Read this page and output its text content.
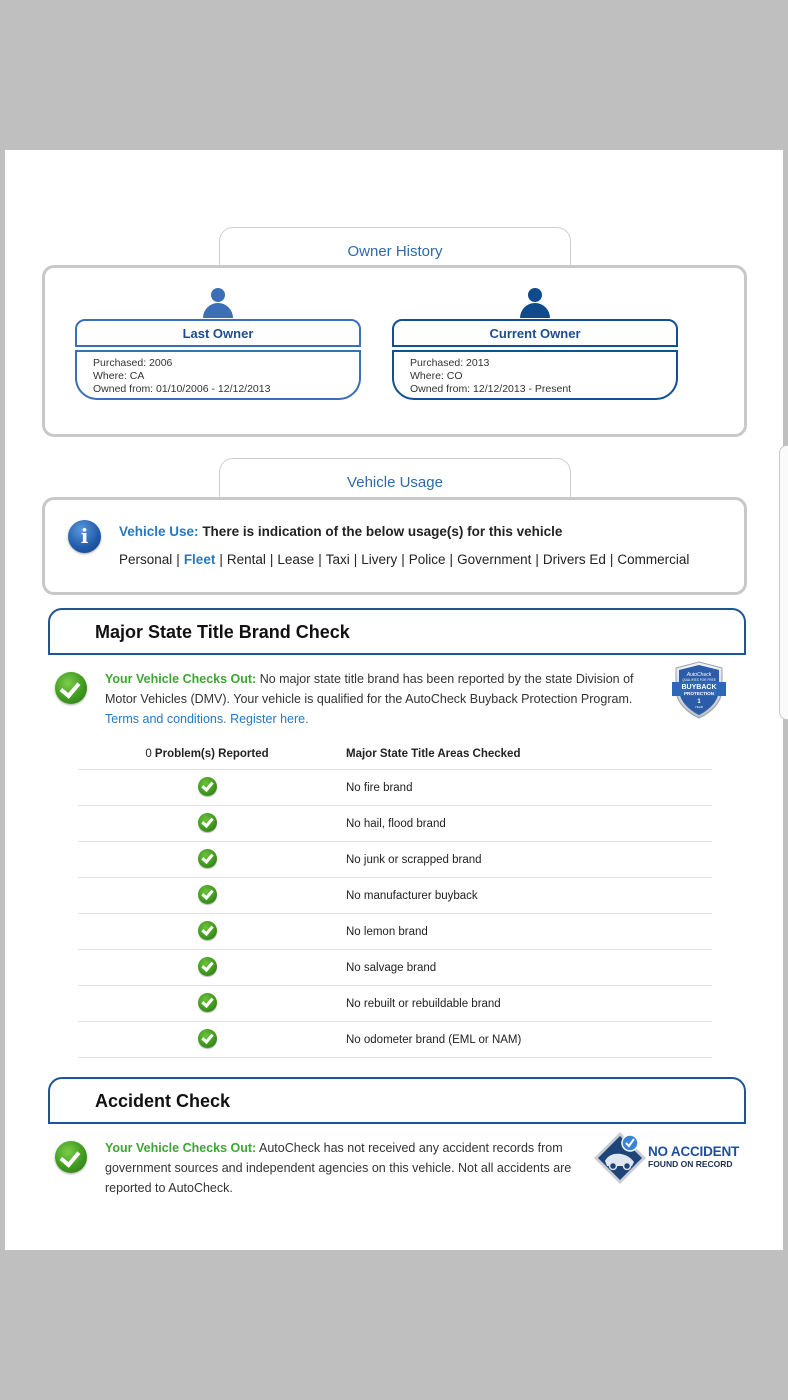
Owner History
Last Owner
Purchased: 2006
Where: CA
Owned from: 01/10/2006 - 12/12/2013
Current Owner
Purchased: 2013
Where: CO
Owned from: 12/12/2013 - Present
Vehicle Usage
i	Vehicle Use: There is indication of the below usage(s) for this vehicle
Personal | Fleet | Rental | Lease | Taxi | Livery | Police | Government | Drivers Ed | Commercial
Major State Title Brand Check
Your Vehicle Checks Out: No major state title brand has been reported by the state Division of Motor Vehicles (DMV). Your vehicle is qualified for the AutoCheck Buyback Protection Program.
Terms and conditions. Register here.
AutoCheck
QUALIFIES FOR FREE
BUYBACK
PROTECTION
1
YEAR
0 Problem(s) Reported	Major State Title Areas Checked
No fire brand
No hail, flood brand
No junk or scrapped brand
No manufacturer buyback
No lemon brand
No salvage brand
No rebuilt or rebuildable brand
No odometer brand (EML or NAM)
Accident Check
Your Vehicle Checks Out: AutoCheck has not received any accident records from government sources and independent agencies on this vehicle. Not all accidents are reported to AutoCheck.
NO ACCIDENT
FOUND ON RECORD
